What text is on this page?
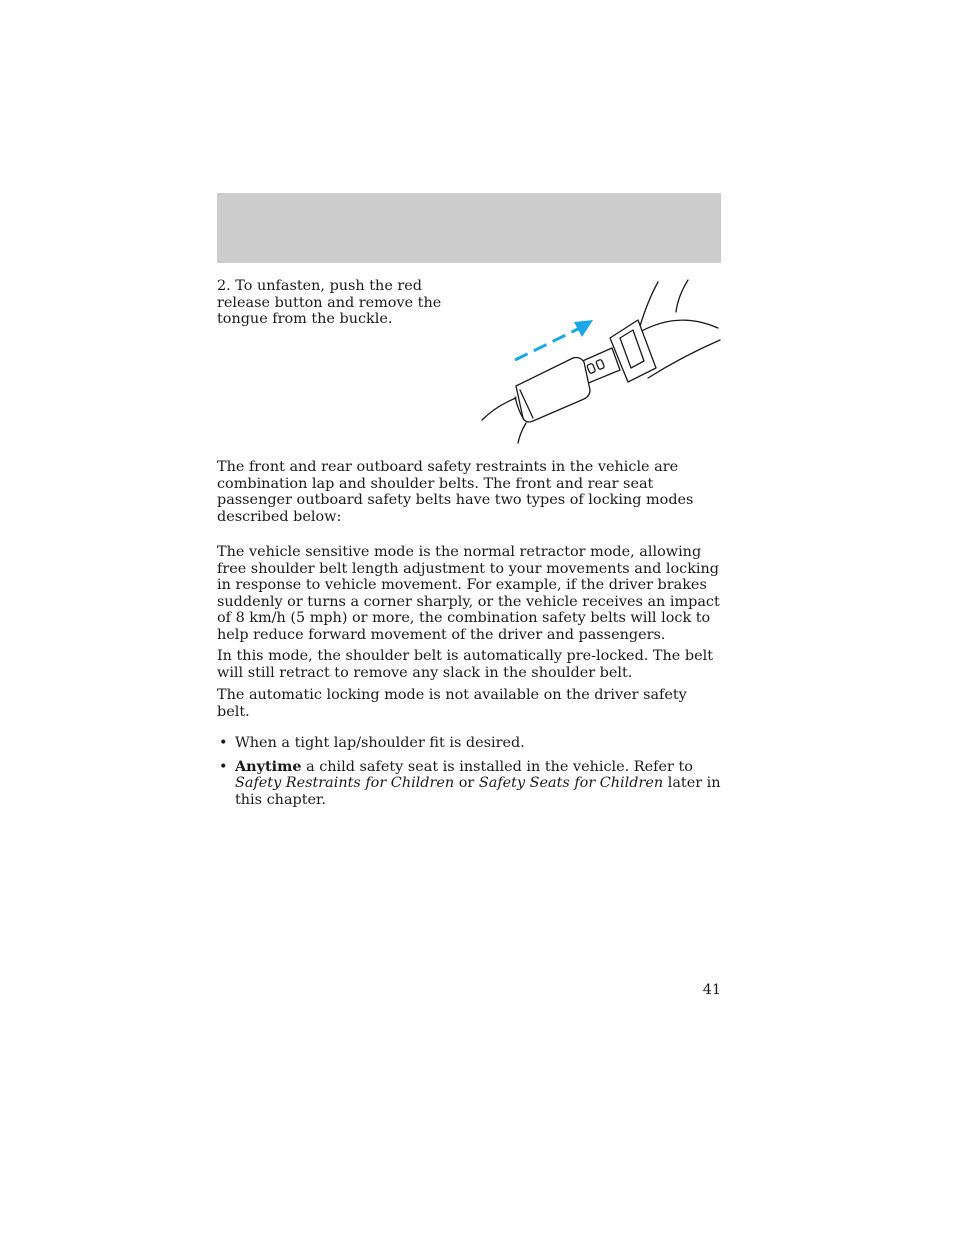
2. To unfasten, push the red release button and remove the tongue from the buckle.

The front and rear outboard safety restraints in the vehicle are combination lap and shoulder belts. The front and rear seat passenger outboard safety belts have two types of locking modes described below:

The vehicle sensitive mode is the normal retractor mode, allowing free shoulder belt length adjustment to your movements and locking in response to vehicle movement. For example, if the driver brakes suddenly or turns a corner sharply, or the vehicle receives an impact of 8 km/h (5 mph) or more, the combination safety belts will lock to help reduce forward movement of the driver and passengers.

In this mode, the shoulder belt is automatically pre-locked. The belt will still retract to remove any slack in the shoulder belt.

The automatic locking mode is not available on the driver safety belt.

• When a tight lap/shoulder fit is desired.
• Anytime a child safety seat is installed in the vehicle. Refer to Safety Restraints for Children or Safety Seats for Children later in this chapter.

41
